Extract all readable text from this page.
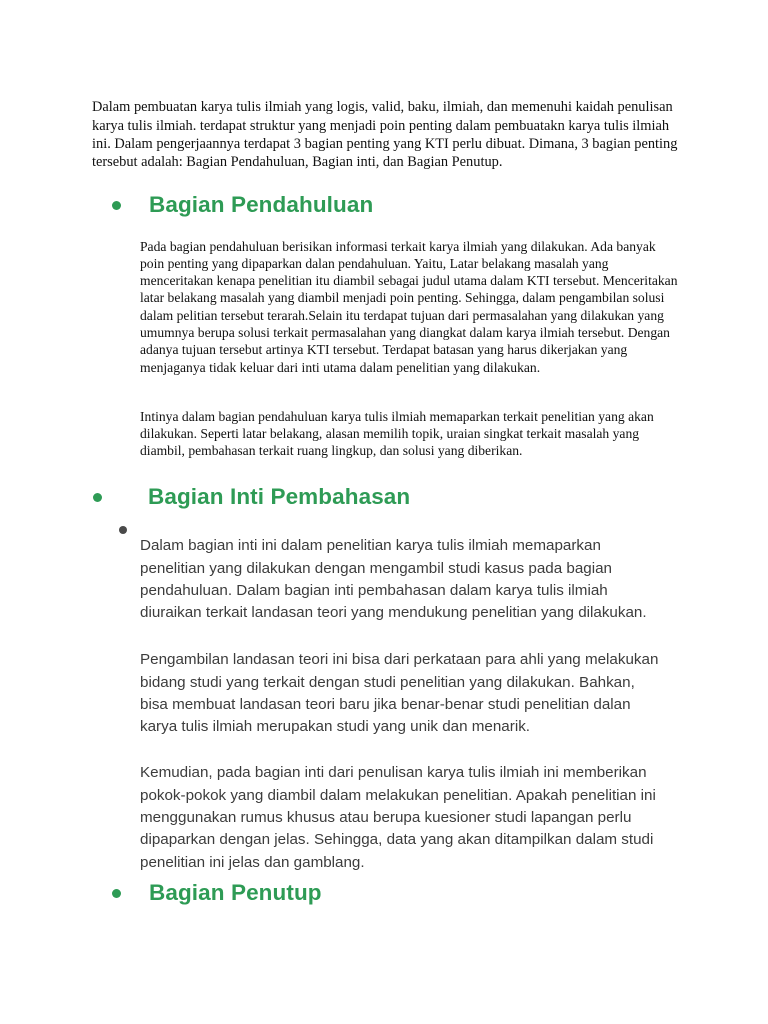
Dalam pembuatan karya tulis ilmiah yang logis, valid, baku, ilmiah, dan memenuhi kaidah penulisan karya tulis ilmiah. terdapat struktur yang menjadi poin penting dalam pembuatakn karya tulis ilmiah ini. Dalam pengerjaannya terdapat 3 bagian penting yang KTI perlu dibuat. Dimana, 3 bagian penting tersebut adalah: Bagian Pendahuluan, Bagian inti, dan Bagian Penutup.

Bagian Pendahuluan

Pada bagian pendahuluan berisikan informasi terkait karya ilmiah yang dilakukan. Ada banyak poin penting yang dipaparkan dalan pendahuluan. Yaitu, Latar belakang masalah yang menceritakan kenapa penelitian itu diambil sebagai judul utama dalam KTI tersebut. Menceritakan latar belakang masalah yang diambil menjadi poin penting. Sehingga, dalam pengambilan solusi dalam pelitian tersebut terarah.Selain itu terdapat tujuan dari permasalahan yang dilakukan yang umumnya berupa solusi terkait permasalahan yang diangkat dalam karya ilmiah tersebut. Dengan adanya tujuan tersebut artinya KTI tersebut. Terdapat batasan yang harus dikerjakan yang menjaganya tidak keluar dari inti utama dalam penelitian yang dilakukan.

Intinya dalam bagian pendahuluan karya tulis ilmiah memaparkan terkait penelitian yang akan dilakukan. Seperti latar belakang, alasan memilih topik, uraian singkat terkait masalah yang diambil, pembahasan terkait ruang lingkup, dan solusi yang diberikan.

Bagian Inti Pembahasan

Dalam bagian inti ini dalam penelitian karya tulis ilmiah memaparkan penelitian yang dilakukan dengan mengambil studi kasus pada bagian pendahuluan. Dalam bagian inti pembahasan dalam karya tulis ilmiah diuraikan terkait landasan teori yang mendukung penelitian yang dilakukan.

Pengambilan landasan teori ini bisa dari perkataan para ahli yang melakukan bidang studi yang terkait dengan studi penelitian yang dilakukan. Bahkan, bisa membuat landasan teori baru jika benar-benar studi penelitian dalan karya tulis ilmiah merupakan studi yang unik dan menarik.

Kemudian, pada bagian inti dari penulisan karya tulis ilmiah ini memberikan pokok-pokok yang diambil dalam melakukan penelitian. Apakah penelitian ini menggunakan rumus khusus atau berupa kuesioner studi lapangan perlu dipaparkan dengan jelas. Sehingga, data yang akan ditampilkan dalam studi penelitian ini jelas dan gamblang.

Bagian Penutup
